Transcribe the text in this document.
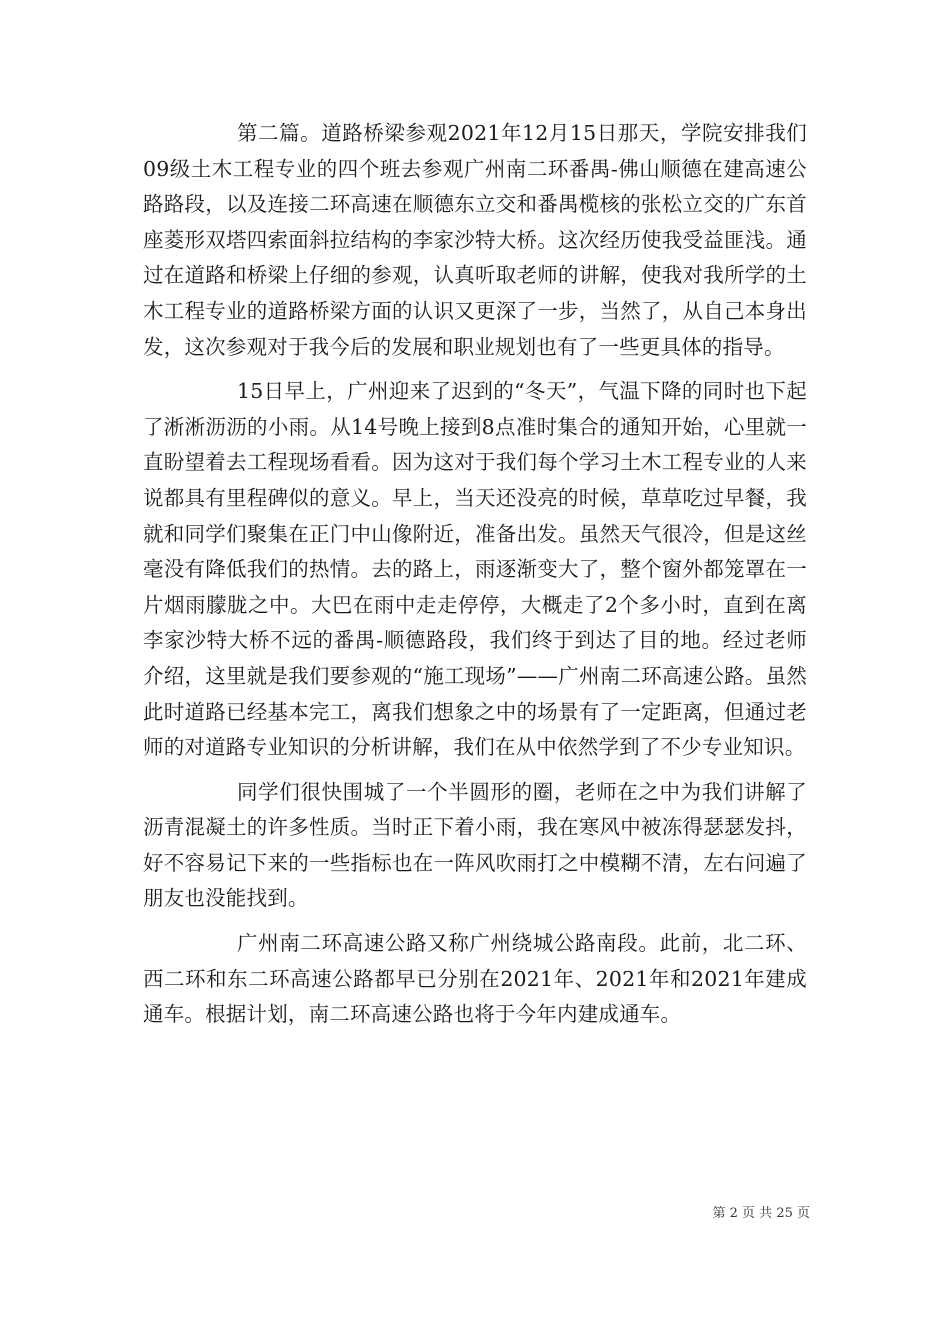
第二篇。道路桥梁参观2021年12月15日那天，学院安排我们09级土木工程专业的四个班去参观广州南二环番禺-佛山顺德在建高速公路路段，以及连接二环高速在顺德东立交和番禺榄核的张松立交的广东首座菱形双塔四索面斜拉结构的李家沙特大桥。这次经历使我受益匪浅。通过在道路和桥梁上仔细的参观，认真听取老师的讲解，使我对我所学的土木工程专业的道路桥梁方面的认识又更深了一步，当然了，从自己本身出发，这次参观对于我今后的发展和职业规划也有了一些更具体的指导。

15日早上，广州迎来了迟到的“冬天”，气温下降的同时也下起了淅淅沥沥的小雨。从14号晚上接到8点准时集合的通知开始，心里就一直盼望着去工程现场看看。因为这对于我们每个学习土木工程专业的人来说都具有里程碑似的意义。早上，当天还没亮的时候，草草吃过早餐，我就和同学们聚集在正门中山像附近，准备出发。虽然天气很冷，但是这丝毫没有降低我们的热情。去的路上，雨逐渐变大了，整个窗外都笼罩在一片烟雨朦胧之中。大巴在雨中走走停停，大概走了2个多小时，直到在离李家沙特大桥不远的番禺-顺德路段，我们终于到达了目的地。经过老师介绍，这里就是我们要参观的“施工现场”——广州南二环高速公路。虽然此时道路已经基本完工，离我们想象之中的场景有了一定距离，但通过老师的对道路专业知识的分析讲解，我们在从中依然学到了不少专业知识。

同学们很快围城了一个半圆形的圈，老师在之中为我们讲解了沥青混凝土的许多性质。当时正下着小雨，我在寒风中被冻得瑟瑟发抖，好不容易记下来的一些指标也在一阵风吹雨打之中模糊不清，左右问遍了朋友也没能找到。

广州南二环高速公路又称广州绕城公路南段。此前，北二环、西二环和东二环高速公路都早已分别在2021年、2021年和2021年建成通车。根据计划，南二环高速公路也将于今年内建成通车。

第 2 页 共 25 页
